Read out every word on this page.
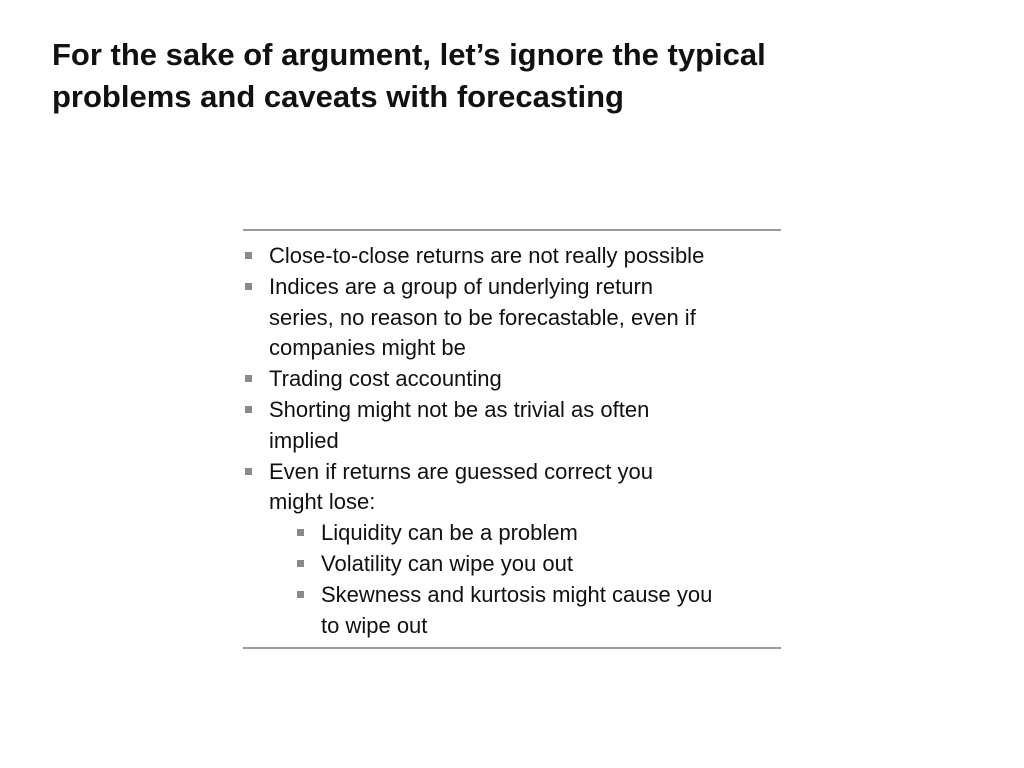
For the sake of argument, let’s ignore the typical
problems and caveats with forecasting
Close-to-close returns are not really possible
Indices are a group of underlying return
series, no reason to be forecastable, even if
companies might be
Trading cost accounting
Shorting might not be as trivial as often
implied
Even if returns are guessed correct you
might lose:
Liquidity can be a problem
Volatility can wipe you out
Skewness and kurtosis might cause you
to wipe out
